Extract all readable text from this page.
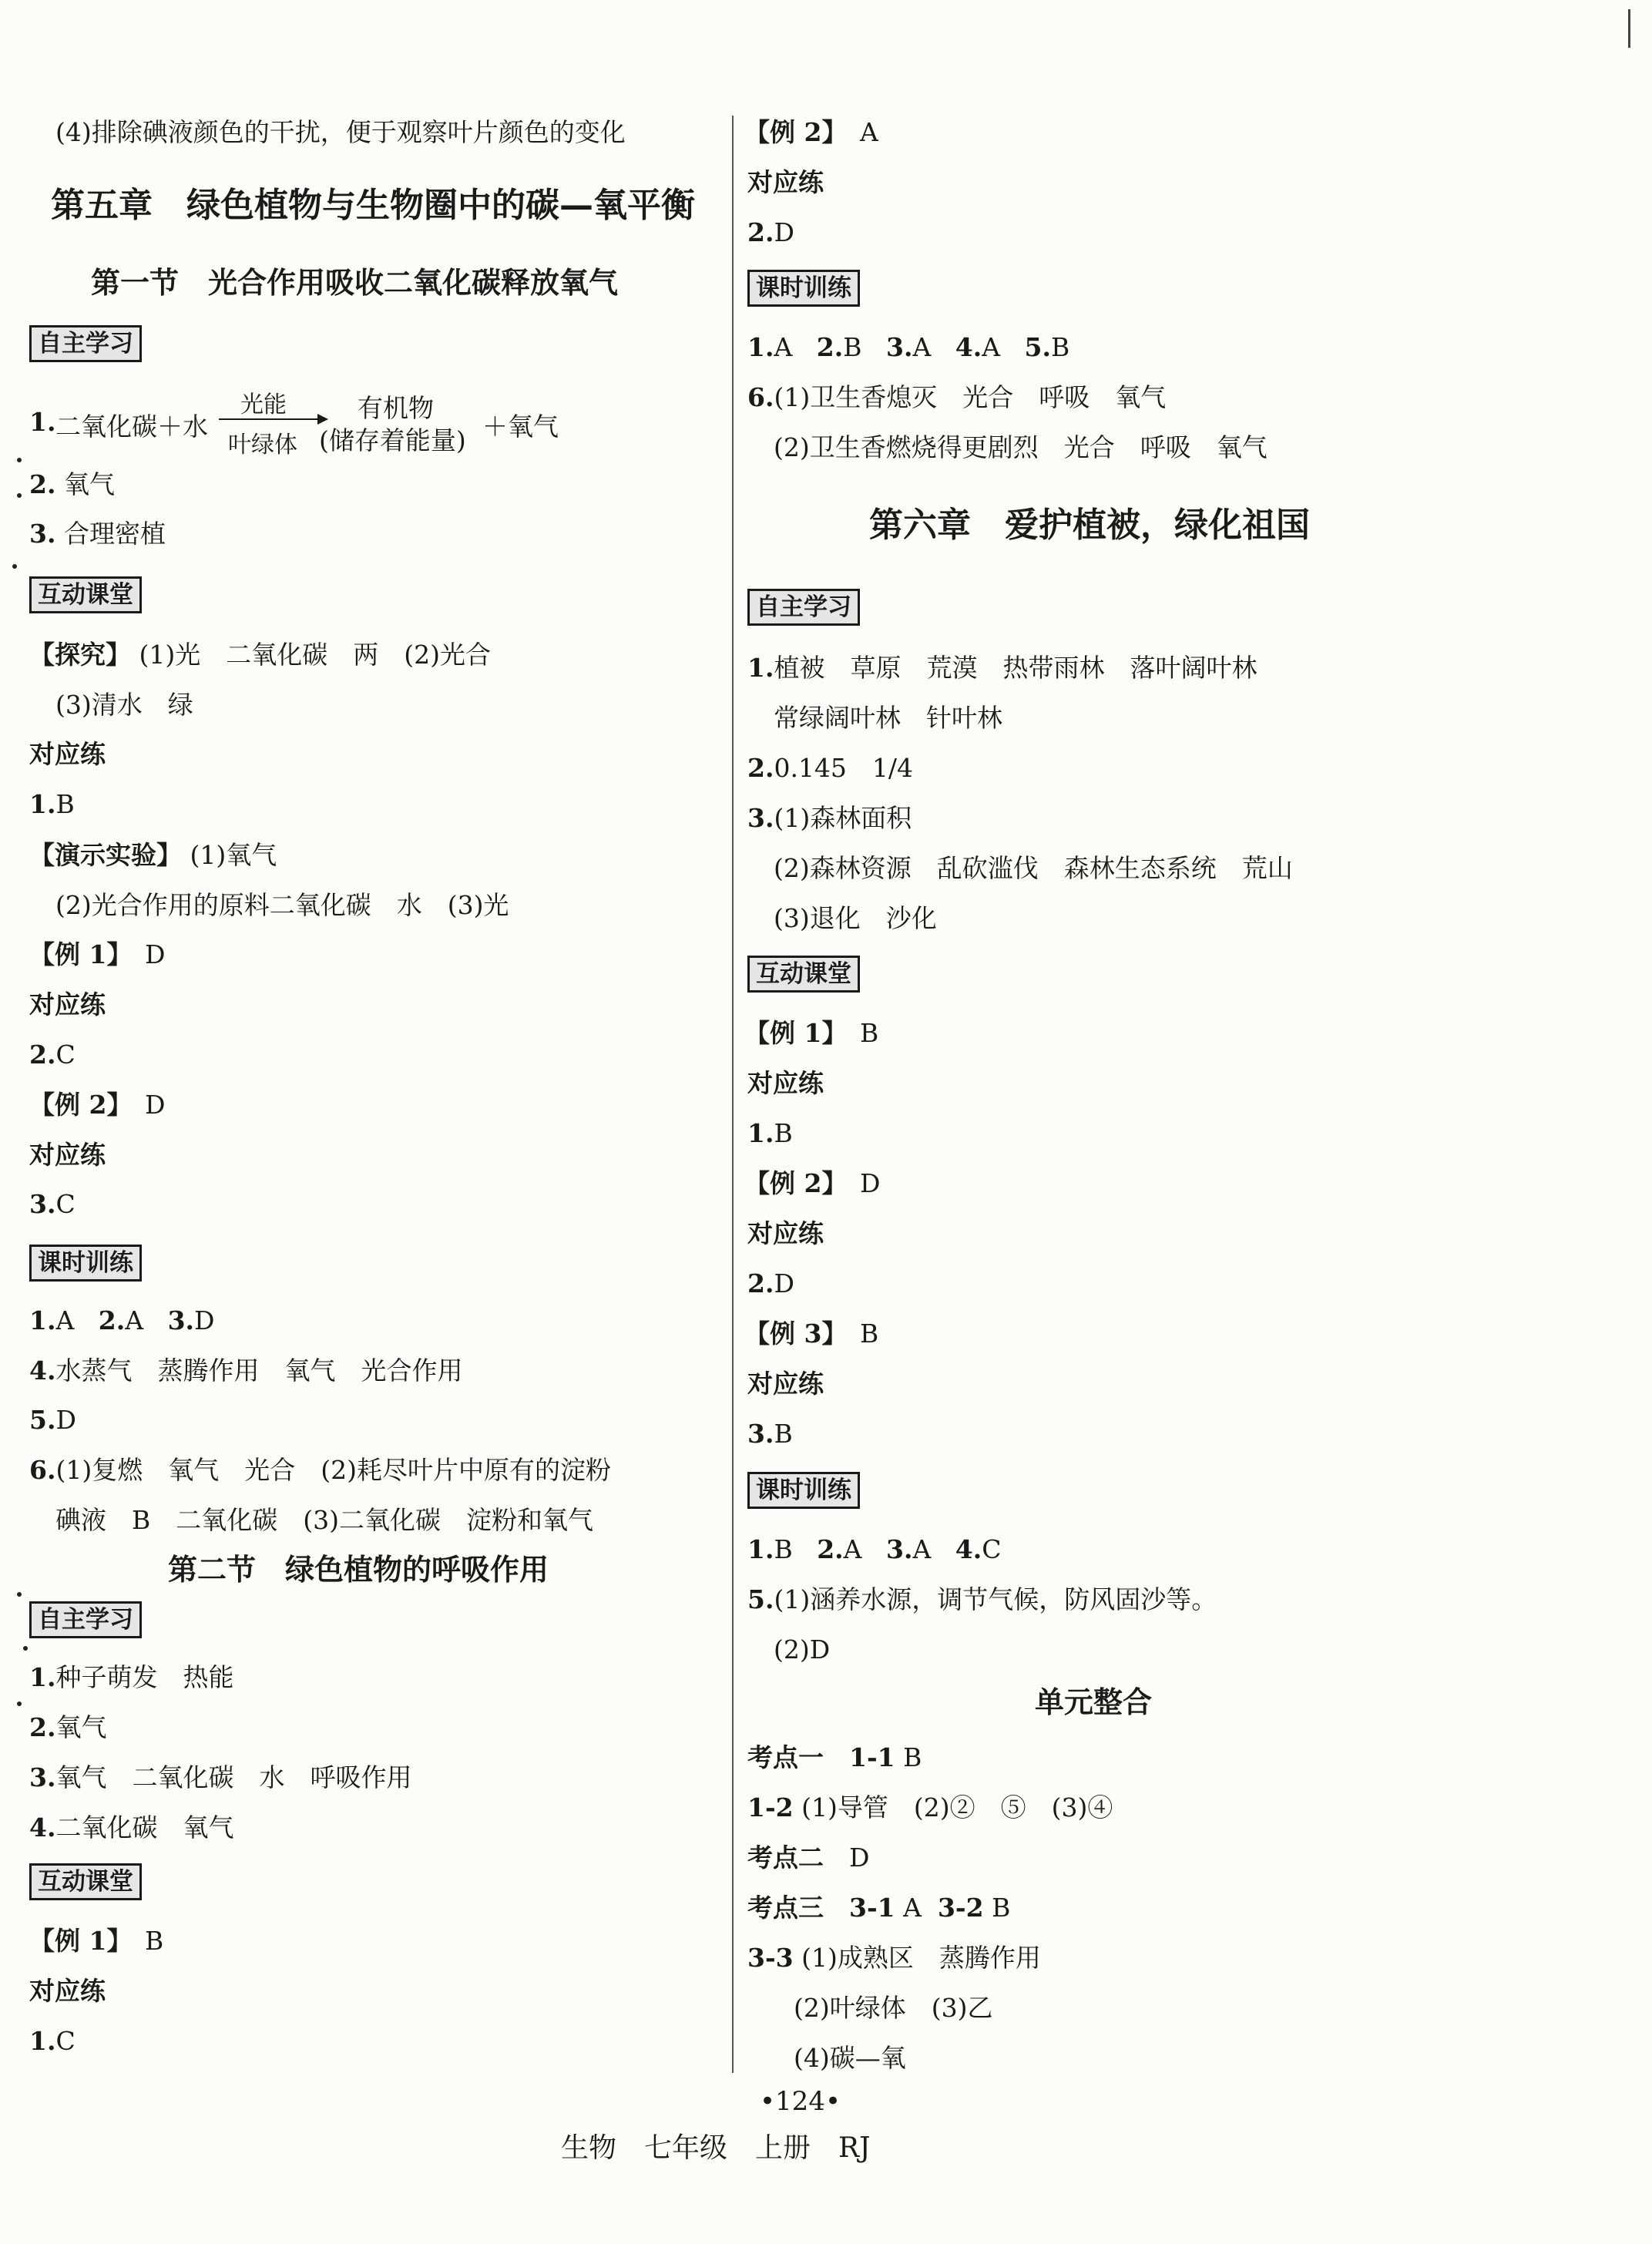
(4)排除碘液颜色的干扰，便于观察叶片颜色的变化
第五章　绿色植物与生物圈中的碳—氧平衡
第一节　光合作用吸收二氧化碳释放氧气
自主学习
1. 二氧化碳＋水
光能
叶绿体
有机物
(储存着能量) ＋氧气
2. 氧气
3. 合理密植
互动课堂
【探究】 (1)光　二氧化碳　两　(2)光合
(3)清水　绿
对应练
1.B
【演示实验】 (1)氧气
(2)光合作用的原料二氧化碳　水　(3)光
【例 1】　 D
对应练
2.C
【例 2】　 D
对应练
3.C
课时训练
1.A 2.A 3.D
4.水蒸气　蒸腾作用　氧气　光合作用
5.D
6.(1)复燃　氧气　光合　(2)耗尽叶片中原有的淀粉
碘液　B　二氧化碳　(3)二氧化碳　淀粉和氧气
第二节　绿色植物的呼吸作用
自主学习
1.种子萌发　热能
2.氧气
3.氧气　二氧化碳　水　呼吸作用
4.二氧化碳　氧气
互动课堂
【例 1】　 B
对应练
1.C
【例 2】　 A
对应练
2.D
课时训练
1.A 2.B 3.A 4.A 5.B
6.(1)卫生香熄灭　光合　呼吸　氧气
(2)卫生香燃烧得更剧烈　光合　呼吸　氧气
第六章　爱护植被，绿化祖国
自主学习
1.植被　草原　荒漠　热带雨林　落叶阔叶林
常绿阔叶林　针叶林
2.0.145　1/4
3.(1)森林面积
(2)森林资源　乱砍滥伐　森林生态系统　荒山
(3)退化　沙化
互动课堂
【例 1】　 B
对应练
1.B
【例 2】　 D
对应练
2.D
【例 3】　 B
对应练
3.B
课时训练
1.B 2.A 3.A 4.C
5.(1)涵养水源，调节气候，防风固沙等。
(2)D
单元整合
考点一　1-1 B
1-2 (1)导管　(2)②　⑤　(3)④
考点二　 D
考点三　3-1 A 3-2 B
3-3 (1)成熟区　蒸腾作用
(2)叶绿体　(3)乙
(4)碳—氧
•124•
生物　七年级　上册　RJ
